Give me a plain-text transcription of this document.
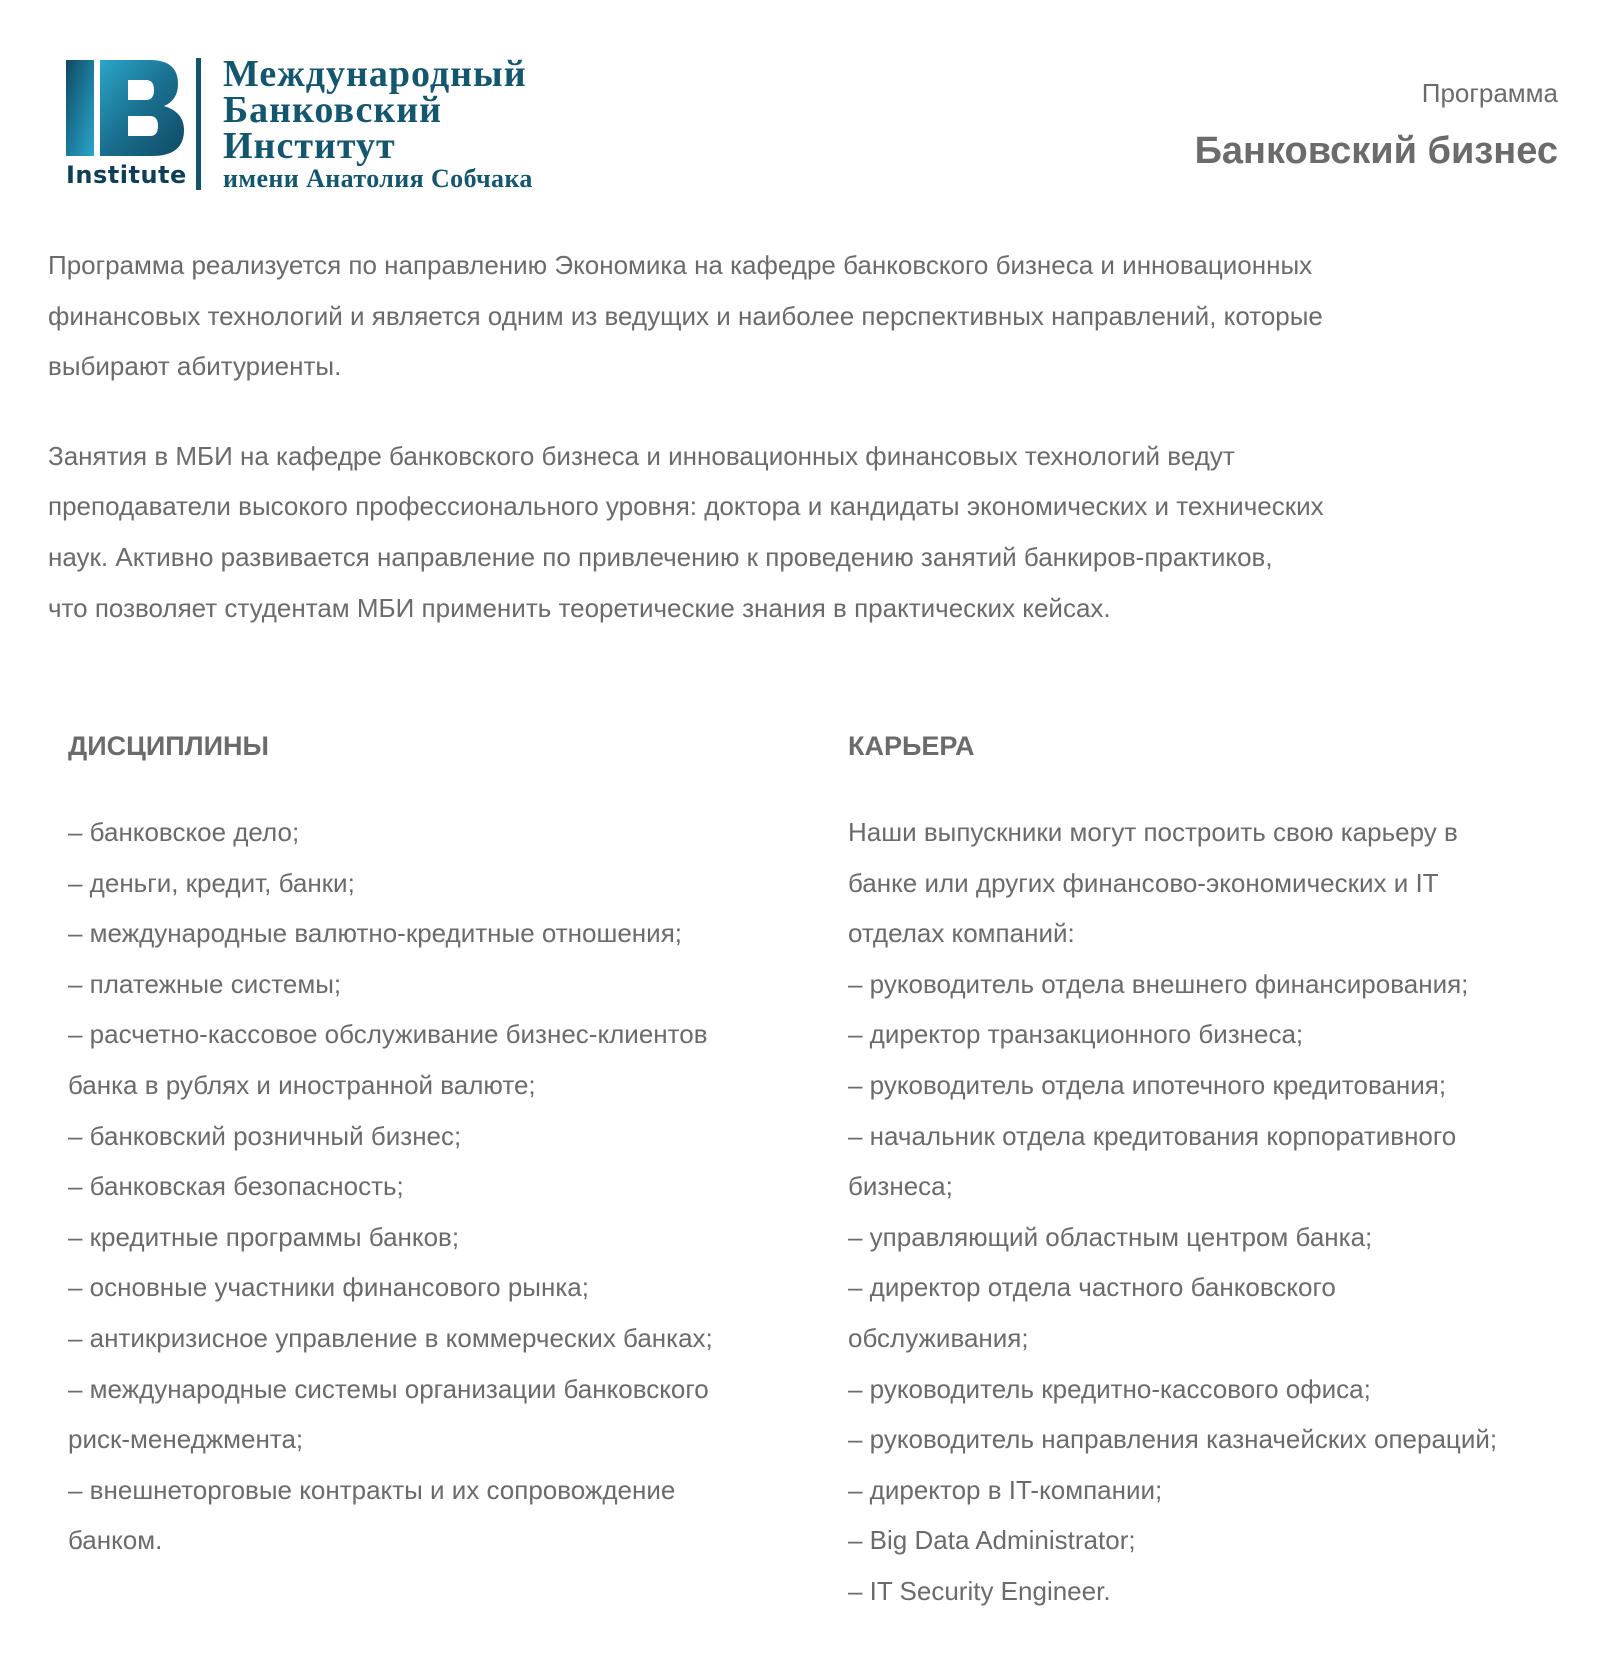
Institute
Международный
Банковский
Институт
имени Анатолия Собчака
Программа
Банковский бизнес

Программа реализуется по направлению Экономика на кафедре банковского бизнеса и инновационных
финансовых технологий и является одним из ведущих и наиболее перспективных направлений, которые
выбирают абитуриенты.

Занятия в МБИ на кафедре банковского бизнеса и инновационных финансовых технологий ведут
преподаватели высокого профессионального уровня: доктора и кандидаты экономических и технических
наук. Активно развивается направление по привлечению к проведению занятий банкиров-практиков,
что позволяет студентам МБИ применить теоретические знания в практических кейсах.

ДИСЦИПЛИНЫ
– банковское дело;
– деньги, кредит, банки;
– международные валютно-кредитные отношения;
– платежные системы;
– расчетно-кассовое обслуживание бизнес-клиентов
банка в рублях и иностранной валюте;
– банковский розничный бизнес;
– банковская безопасность;
– кредитные программы банков;
– основные участники финансового рынка;
– антикризисное управление в коммерческих банках;
– международные системы организации банковского
риск-менеджмента;
– внешнеторговые контракты и их сопровождение
банком.
КАРЬЕРА
Наши выпускники могут построить свою карьеру в
банке или других финансово-экономических и IT
отделах компаний:
– руководитель отдела внешнего финансирования;
– директор транзакционного бизнеса;
– руководитель отдела ипотечного кредитования;
– начальник отдела кредитования корпоративного
бизнеса;
– управляющий областным центром банка;
– директор отдела частного банковского
обслуживания;
– руководитель кредитно-кассового офиса;
– руководитель направления казначейских операций;
– директор в IT-компании;
– Big Data Administrator;
– IT Security Engineer.
